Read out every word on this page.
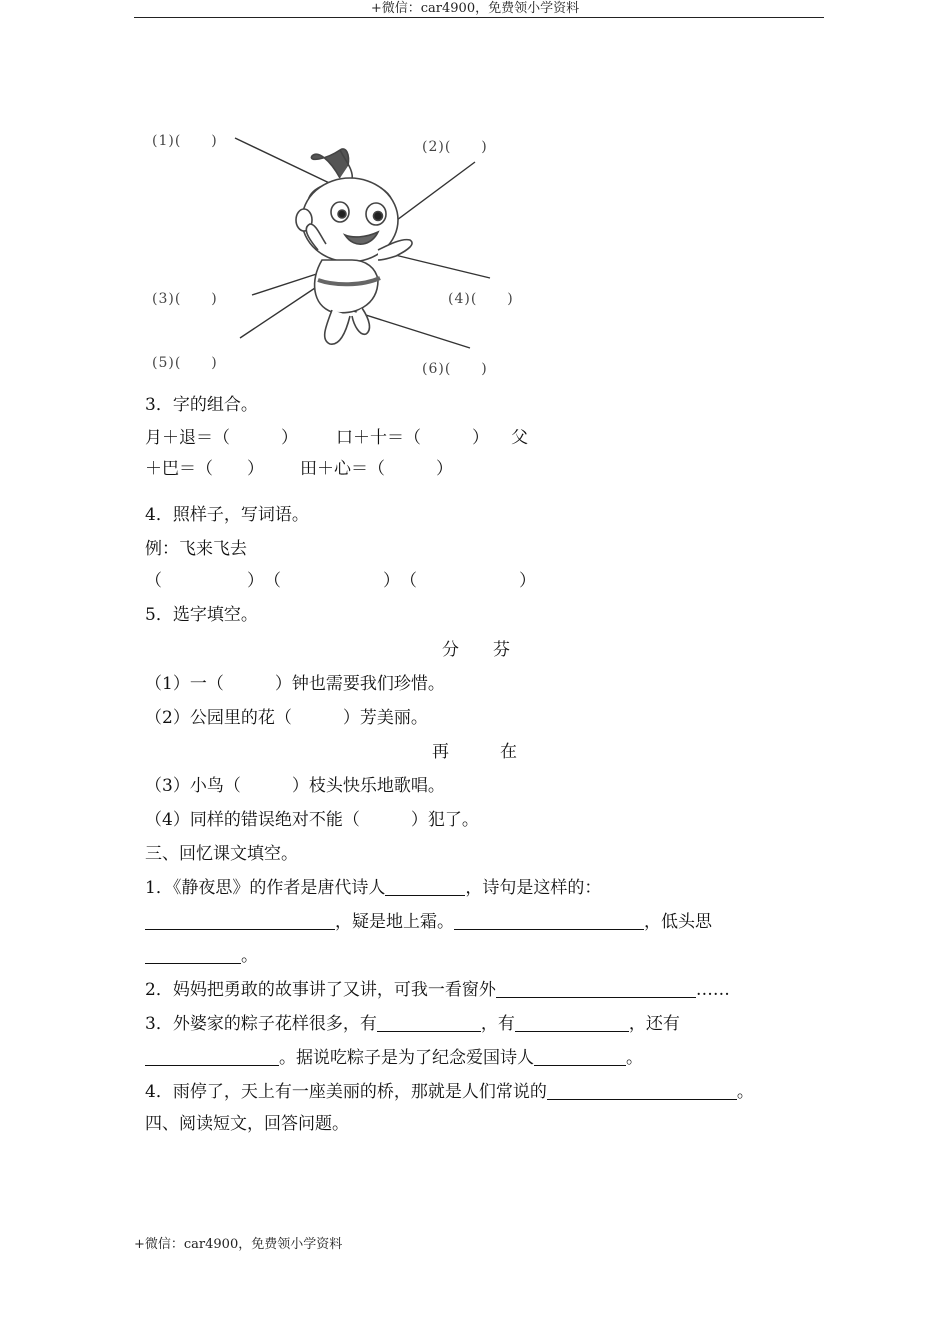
+微信：car4900，免费领小学资料
(1)(　　)	(2)(　　)
(3)(　　)	(4)(　　)
(5)(　　)	(6)(　　)
3．字的组合。
月＋退＝（　　　） 口＋十＝（　　　） 父
＋巴＝（　　） 田＋心＝（　　　）
4．照样子，写词语。
例：飞来飞去
（　　　　　）　（　　　　　　）　（　　　　　　）
5．选字填空。
分　　芬
（1）一（　　　）钟也需要我们珍惜。
（2）公园里的花（　　　）芳美丽。
再　　　在
（3）小鸟（　　　）枝头快乐地歌唱。
（4）同样的错误绝对不能（　　　）犯了。
三、回忆课文填空。
1．《静夜思》的作者是唐代诗人	，诗句是这样的：
，疑是地上霜。	，低头思
。
2．妈妈把勇敢的故事讲了又讲，可我一看窗外	……
3．外婆家的粽子花样很多，有	，有	，还有
。据说吃粽子是为了纪念爱国诗人	。
4．雨停了，天上有一座美丽的桥，那就是人们常说的	。
四、阅读短文，回答问题。
+微信：car4900，免费领小学资料
